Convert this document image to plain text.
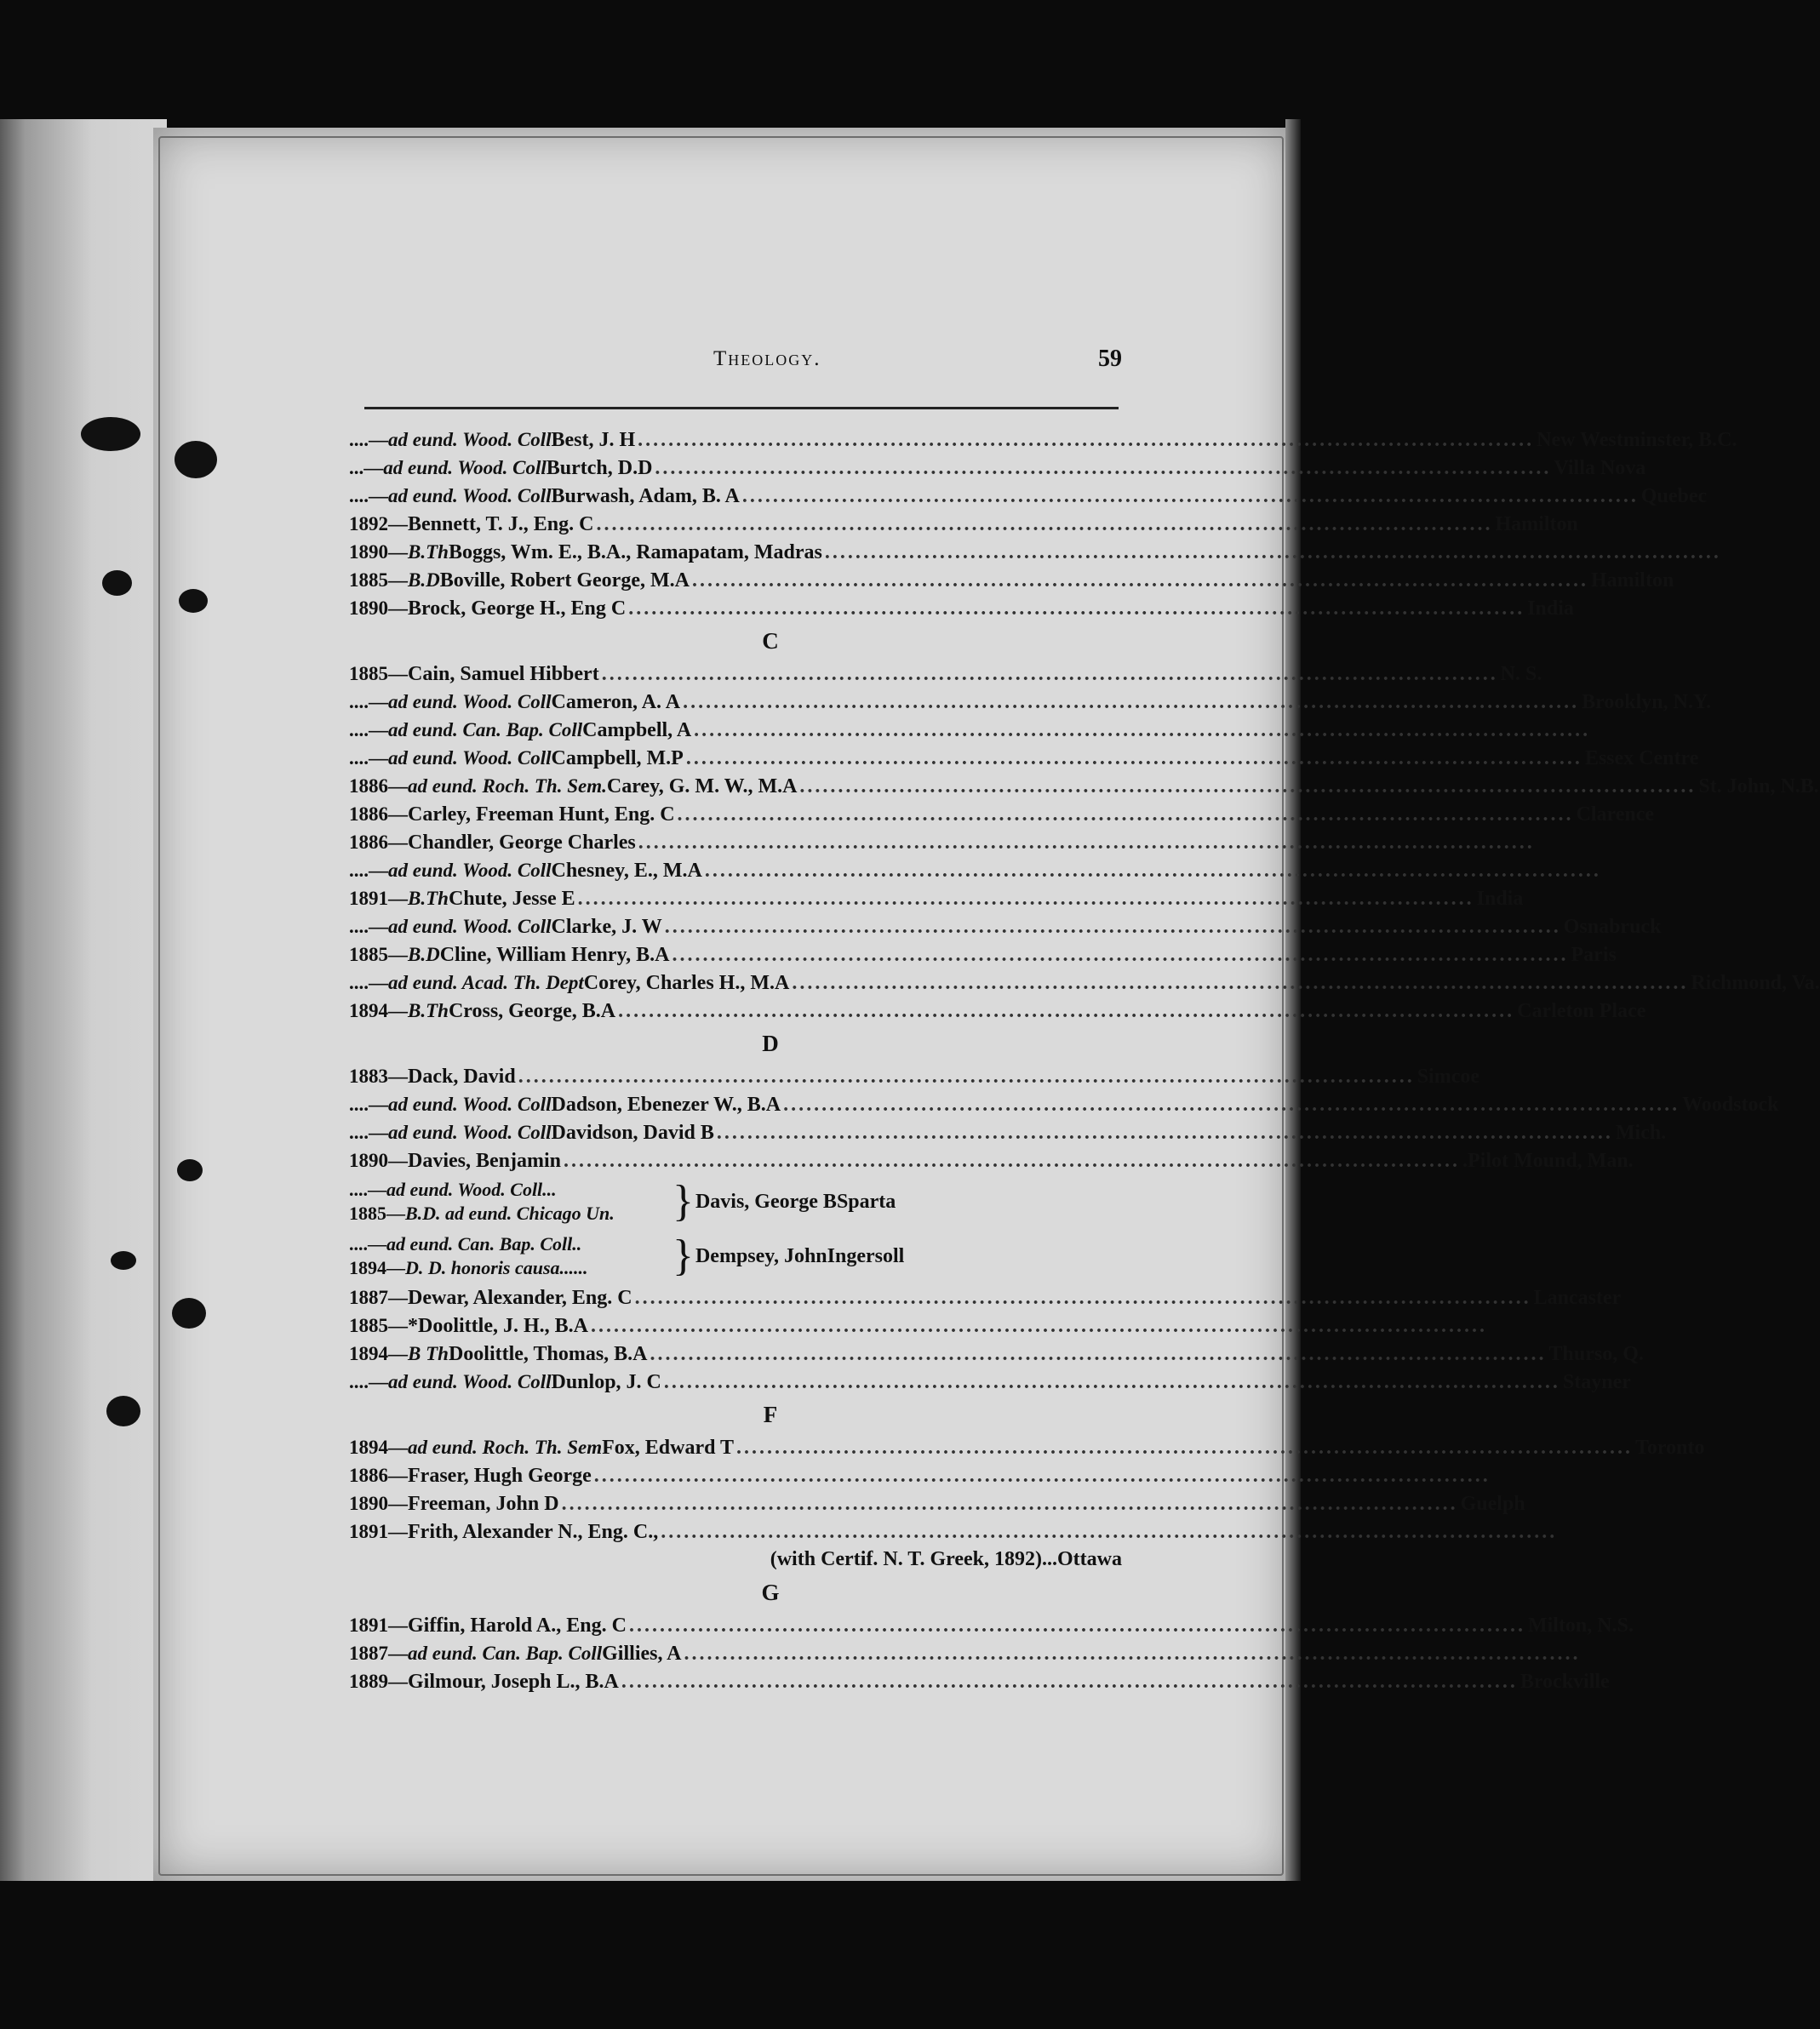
Theology.	59
....—ad eund. Wood. Coll Best, J. H .....	New Westminster, B.C.
...—ad eund. Wood. Coll Burtch, D.D .....	Villa Nova
....—ad eund. Wood. Coll Burwash, Adam, B. A .....	Quebec
1892— Bennett, T. J., Eng. C .....	Hamilton
1890—B.Th Boggs, Wm. E., B.A., Ramapatam, Madras
.....
1885—B.D Boville, Robert George, M.A .....	Hamilton
1890— Brock, George H., Eng C .....	India
C
1885— Cain, Samuel Hibbert .....	N. S.
....—ad eund. Wood. Coll Cameron, A. A .....	Brooklyn, N.Y.
....—ad eund. Can. Bap. Coll Campbell, A
.....
....—ad eund. Wood. Coll Campbell, M.P .....	Essex Centre
1886—ad eund. Roch. Th. Sem. Carey, G. M. W., M.A .....	St. John, N.B.
1886— Carley, Freeman Hunt, Eng. C .....	Clarence
1886— Chandler, George Charles
.....
....—ad eund. Wood. Coll Chesney, E., M.A
.....
1891—B.Th Chute, Jesse E .....	India
....—ad eund. Wood. Coll Clarke, J. W .....	Osnabruck
1885—B.D Cline, William Henry, B.A .....	Paris
....—ad eund. Acad. Th. Dept Corey, Charles H., M.A .....	Richmond, Va.
1894—B.Th Cross, George, B.A .....	Carleton Place
D
1883— Dack, David .....	Simcoe
....—ad eund. Wood. Coll Dadson, Ebenezer W., B.A .....	Woodstock
....—ad eund. Wood. Coll Davidson, David B .....	Mich.
1890— Davies, Benjamin .....	.Pilot Mound, Man.
....—ad eund. Wood. Coll...
1885—B.D. ad eund. Chicago Un.	} Davis, George B Sparta
....—ad eund. Can. Bap. Coll..
1894—D. D. honoris causa......	} Dempsey, John Ingersoll
1887— Dewar, Alexander, Eng. C .....	Lancaster
1885— *Doolittle, J. H., B.A
.....
1894—B Th Doolittle, Thomas, B.A .....	Thurso, Q.
....—ad eund. Wood. Coll Dunlop, J. C .....	Stayner
F
1894—ad eund. Roch. Th. Sem Fox, Edward T .....	Toronto
1886— Fraser, Hugh George
.....
1890— Freeman, John D .....	Guelph
1891— Frith, Alexander N., Eng. C.,
.....
(with Certif. N. T. Greek, 1892)...Ottawa
G
1891— Giffin, Harold A., Eng. C .....	Milton, N.S.
1887—ad eund. Can. Bap. Coll Gillies, A
.....
1889— Gilmour, Joseph L., B.A .....	Brockville
